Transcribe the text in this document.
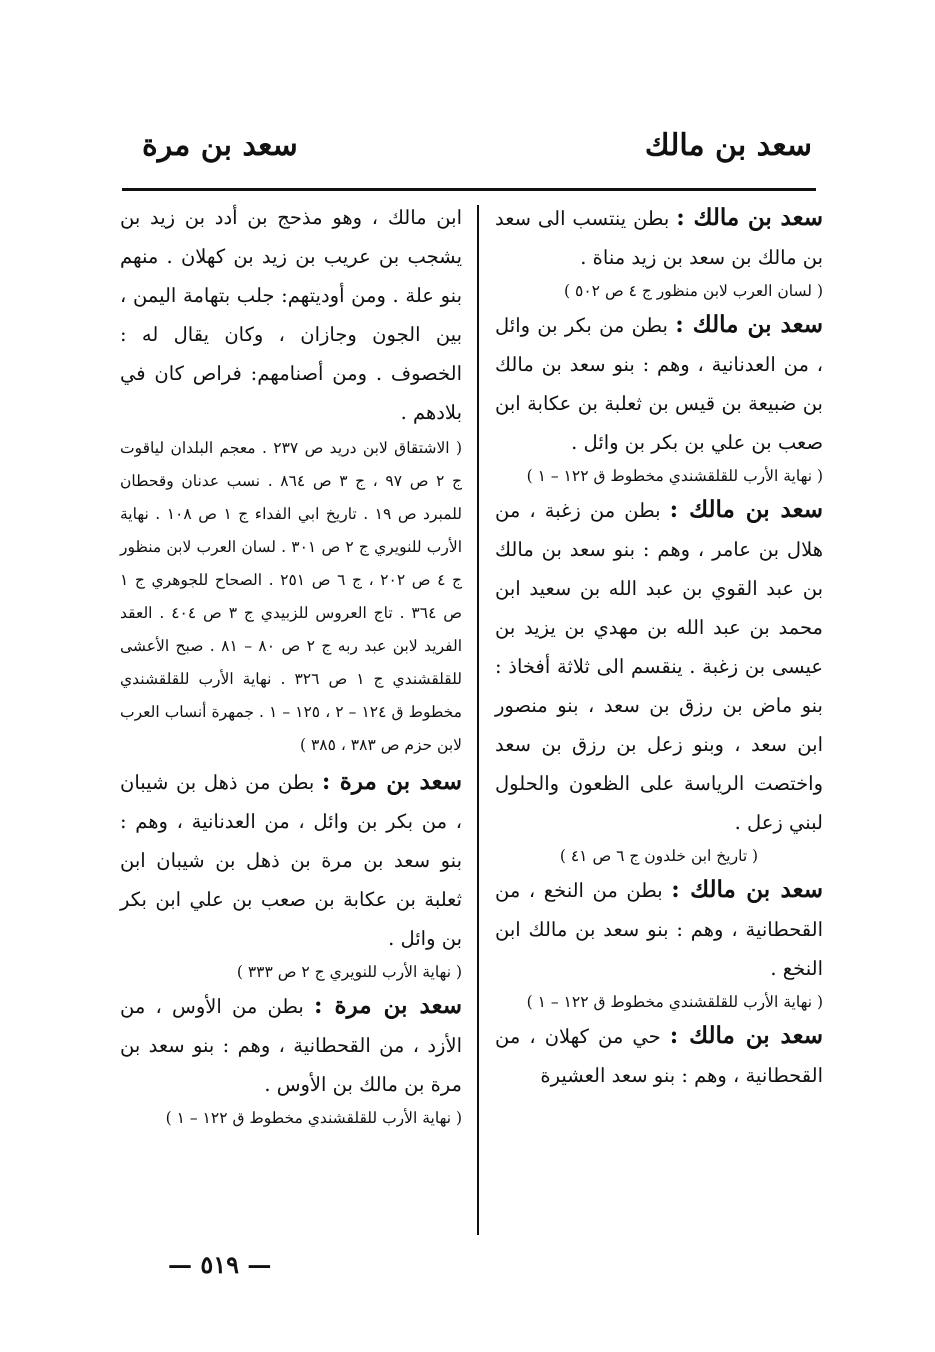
سعد بن مالك
سعد بن مرة

سعد بن مالك : بطن ينتسب الى سعد بن مالك بن سعد بن زيد مناة .

( لسان العرب لابن منظور ج ٤ ص ٥٠٢ )

سعد بن مالك : بطن من بكر بن وائل ، من العدنانية ، وهم : بنو سعد بن مالك بن ضبيعة بن قيس بن ثعلبة بن عكابة ابن صعب بن علي بن بكر بن وائل .

( نهاية الأرب للقلقشندي مخطوط ق ١٢٢ – ١ )

سعد بن مالك : بطن من زغبة ، من هلال بن عامر ، وهم : بنو سعد بن مالك بن عبد القوي بن عبد الله بن سعيد ابن محمد بن عبد الله بن مهدي بن يزيد بن عيسى بن زغبة . ينقسم الى ثلاثة أفخاذ : بنو ماض بن رزق بن سعد ، بنو منصور ابن سعد ، وبنو زعل بن رزق بن سعد واختصت الرياسة على الظعون والحلول لبني زعل .

( تاريخ ابن خلدون ج ٦ ص ٤١ )

سعد بن مالك : بطن من النخع ، من القحطانية ، وهم : بنو سعد بن مالك ابن النخع .

( نهاية الأرب للقلقشندي مخطوط ق ١٢٢ – ١ )

سعد بن مالك : حي من كهلان ، من القحطانية ، وهم : بنو سعد العشيرة

ابن مالك ، وهو مذحج بن أدد بن زيد بن يشجب بن عريب بن زيد بن كهلان . منهم بنو علة . ومن أوديتهم: جلب بتهامة اليمن ، بين الجون وجازان ، وكان يقال له : الخصوف . ومن أصنامهم: فراص كان في بلادهم .

( الاشتقاق لابن دريد ص ٢٣٧ . معجم البلدان لياقوت ج ٢ ص ٩٧ ، ج ٣ ص ٨٦٤ . نسب عدنان وقحطان للمبرد ص ١٩ . تاريخ ابي الفداء ج ١ ص ١٠٨ . نهاية الأرب للنويري ج ٢ ص ٣٠١ . لسان العرب لابن منظور ج ٤ ص ٢٠٢ ، ج ٦ ص ٢٥١ . الصحاح للجوهري ج ١ ص ٣٦٤ . تاج العروس للزبيدي ج ٣ ص ٤٠٤ . العقد الفريد لابن عبد ربه ج ٢ ص ٨٠ – ٨١ . صبح الأعشى للقلقشندي ج ١ ص ٣٢٦ . نهاية الأرب للقلقشندي مخطوط ق ١٢٤ – ٢ ، ١٢٥ – ١ . جمهرة أنساب العرب لابن حزم ص ٣٨٣ ، ٣٨٥ )

سعد بن مرة : بطن من ذهل بن شيبان ، من بكر بن وائل ، من العدنانية ، وهم : بنو سعد بن مرة بن ذهل بن شيبان ابن ثعلبة بن عكابة بن صعب بن علي ابن بكر بن وائل .

( نهاية الأرب للنويري ج ٢ ص ٣٣٣ )

سعد بن مرة : بطن من الأوس ، من الأزد ، من القحطانية ، وهم : بنو سعد بن مرة بن مالك بن الأوس .

( نهاية الأرب للقلقشندي مخطوط ق ١٢٢ – ١ )

— ٥١٩ —
